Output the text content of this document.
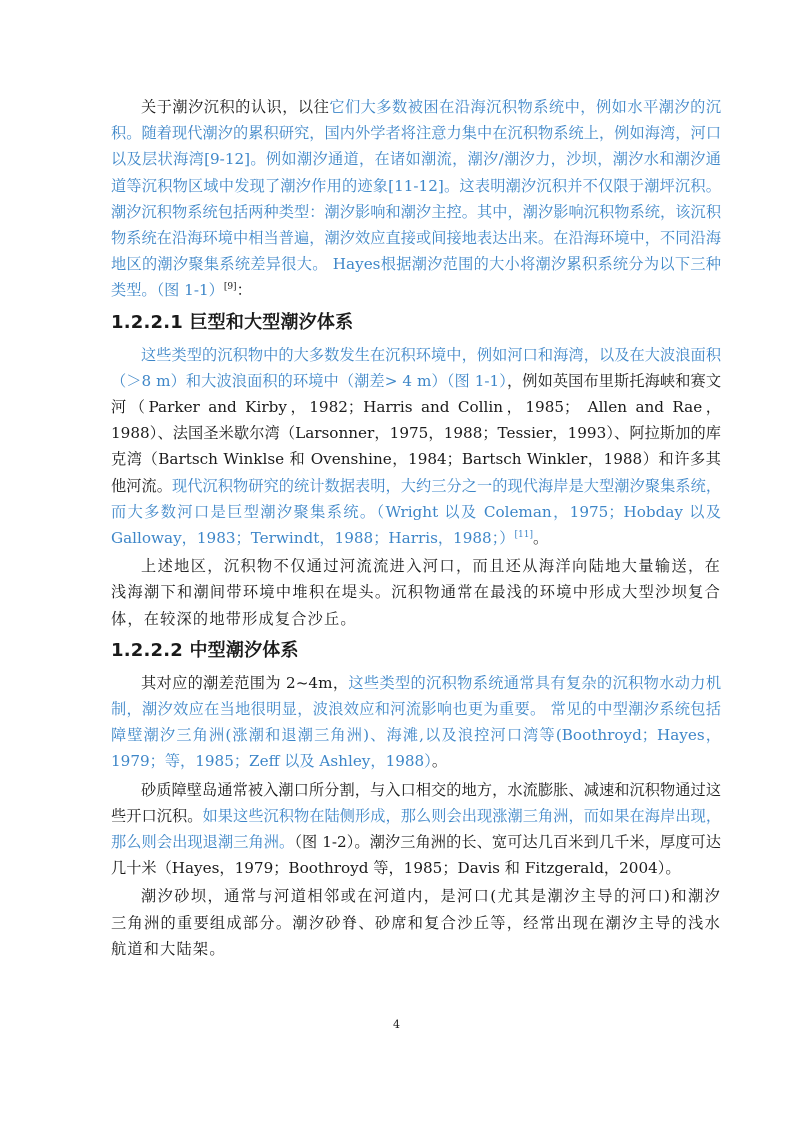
关于潮汐沉积的认识，以往它们大多数被困在沿海沉积物系统中，例如水平潮汐的沉积。随着现代潮汐的累积研究，国内外学者将注意力集中在沉积物系统上，例如海湾，河口以及层状海湾[9-12]。例如潮汐通道，在诸如潮流，潮汐/潮汐力，沙坝，潮汐水和潮汐通道等沉积物区域中发现了潮汐作用的迹象[11-12]。这表明潮汐沉积并不仅限于潮坪沉积。潮汐沉积物系统包括两种类型：潮汐影响和潮汐主控。其中，潮汐影响沉积物系统，该沉积物系统在沿海环境中相当普遍，潮汐效应直接或间接地表达出来。在沿海环境中，不同沿海地区的潮汐聚集系统差异很大。 Hayes根据潮汐范围的大小将潮汐累积系统分为以下三种类型。（图 1-1）[9]：

1.2.2.1 巨型和大型潮汐体系

这些类型的沉积物中的大多数发生在沉积环境中，例如河口和海湾，以及在大波浪面积（＞8 m）和大波浪面积的环境中（潮差> 4 m）（图 1-1），例如英国布里斯托海峡和赛文河（Parker and Kirby，1982；Harris and Collin，1985； Allen and Rae，1988）、法国圣米歇尔湾（Larsonner，1975，1988；Tessier，1993）、阿拉斯加的库克湾（Bartsch Winklse 和 Ovenshine，1984；Bartsch Winkler，1988）和许多其他河流。现代沉积物研究的统计数据表明，大约三分之一的现代海岸是大型潮汐聚集系统，而大多数河口是巨型潮汐聚集系统。（Wright 以及 Coleman，1975；Hobday 以及 Galloway，1983；Terwindt，1988；Harris，1988；）[11]。

上述地区，沉积物不仅通过河流流进入河口，而且还从海洋向陆地大量输送，在浅海潮下和潮间带环境中堆积在堤头。沉积物通常在最浅的环境中形成大型沙坝复合体，在较深的地带形成复合沙丘。

1.2.2.2 中型潮汐体系

其对应的潮差范围为 2~4m，这些类型的沉积物系统通常具有复杂的沉积物水动力机制，潮汐效应在当地很明显，波浪效应和河流影响也更为重要。 常见的中型潮汐系统包括障壁潮汐三角洲(涨潮和退潮三角洲)、海滩,以及浪控河口湾等(Boothroyd；Hayes，1979；等，1985；Zeff 以及 Ashley，1988）。

砂质障壁岛通常被入潮口所分割，与入口相交的地方，水流膨胀、减速和沉积物通过这些开口沉积。如果这些沉积物在陆侧形成，那么则会出现涨潮三角洲，而如果在海岸出现，那么则会出现退潮三角洲。（图 1-2）。潮汐三角洲的长、宽可达几百米到几千米，厚度可达几十米（Hayes，1979；Boothroyd 等，1985；Davis 和 Fitzgerald，2004）。

潮汐砂坝，通常与河道相邻或在河道内，是河口(尤其是潮汐主导的河口)和潮汐三角洲的重要组成部分。潮汐砂脊、砂席和复合沙丘等，经常出现在潮汐主导的浅水航道和大陆架。

4
